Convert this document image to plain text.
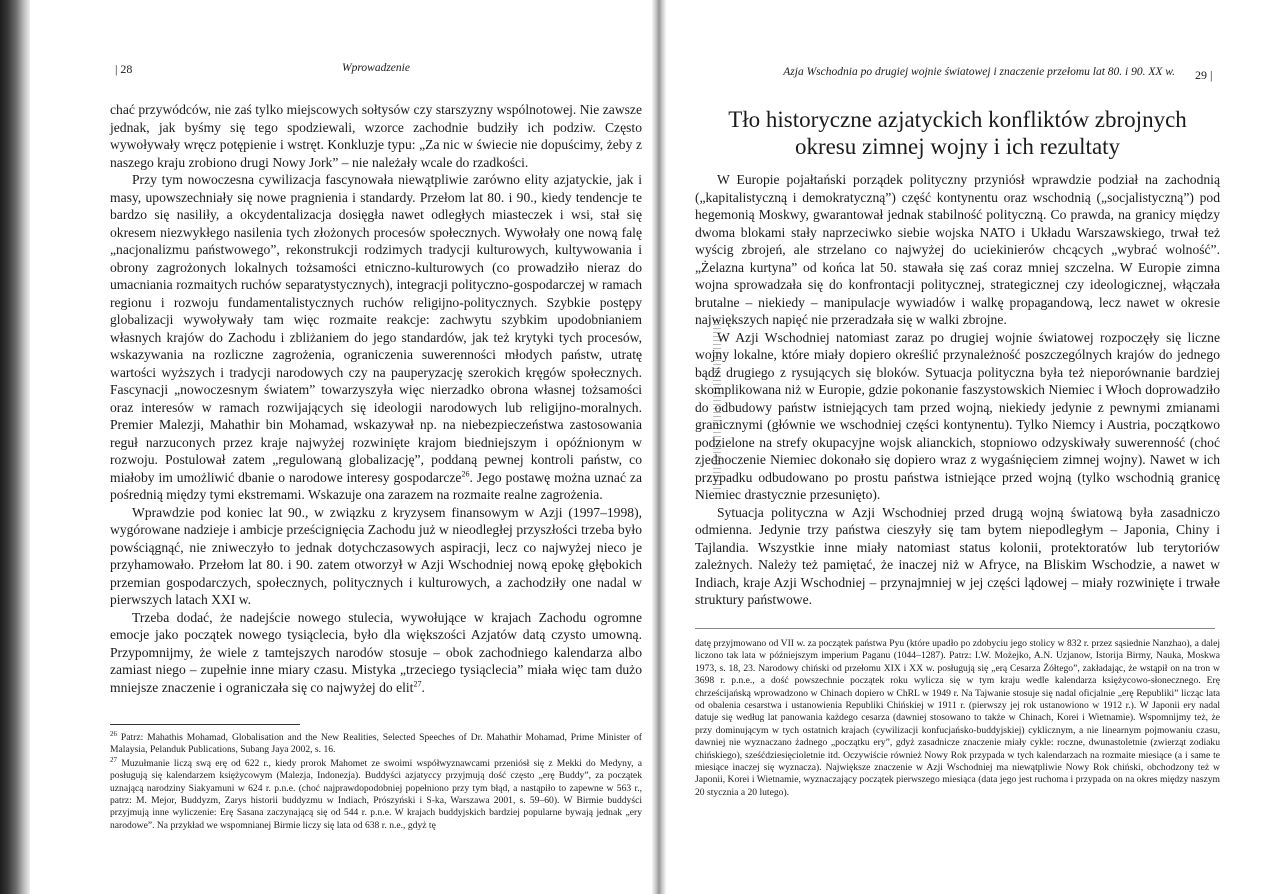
| 28	Wprowadzenie

chać przywódców, nie zaś tylko miejscowych sołtysów czy starszyzny wspólnotowej. Nie zawsze jednak, jak byśmy się tego spodziewali, wzorce zachodnie budziły ich podziw. Często wywoływały wręcz potępienie i wstręt. Konkluzje typu: „Za nic w świecie nie dopuścimy, żeby z naszego kraju zrobiono drugi Nowy Jork” – nie należały wcale do rzadkości.

Przy tym nowoczesna cywilizacja fascynowała niewątpliwie zarówno elity azjatyckie, jak i masy, upowszechniały się nowe pragnienia i standardy. Przełom lat 80. i 90., kiedy tendencje te bardzo się nasiliły, a okcydentalizacja dosięgła nawet odległych miasteczek i wsi, stał się okresem niezwykłego nasilenia tych złożonych procesów społecznych. Wywołały one nową falę „nacjonalizmu państwowego”, rekonstrukcji rodzimych tradycji kulturowych, kultywowania i obrony zagrożonych lokalnych tożsamości etniczno-kulturowych (co prowadziło nieraz do umacniania rozmaitych ruchów separatystycznych), integracji polityczno-gospodarczej w ramach regionu i rozwoju fundamentalistycznych ruchów religijno-politycznych. Szybkie postępy globalizacji wywoływały tam więc rozmaite reakcje: zachwytu szybkim upodobnianiem własnych krajów do Zachodu i zbliżaniem do jego standardów, jak też krytyki tych procesów, wskazywania na rozliczne zagrożenia, ograniczenia suwerenności młodych państw, utratę wartości wyższych i tradycji narodowych czy na pauperyzację szerokich kręgów społecznych. Fascynacji „nowoczesnym światem” towarzyszyła więc nierzadko obrona własnej tożsamości oraz interesów w ramach rozwijających się ideologii narodowych lub religijno-moralnych. Premier Malezji, Mahathir bin Mohamad, wskazywał np. na niebezpieczeństwa zastosowania reguł narzuconych przez kraje najwyżej rozwinięte krajom biedniejszym i opóźnionym w rozwoju. Postulował zatem „regulowaną globalizację”, poddaną pewnej kontroli państw, co miałoby im umożliwić dbanie o narodowe interesy gospodarcze$^{26}$. Jego postawę można uznać za pośrednią między tymi ekstremami. Wskazuje ona zarazem na rozmaite realne zagrożenia.

Wprawdzie pod koniec lat 90., w związku z kryzysem finansowym w Azji (1997–1998), wygórowane nadzieje i ambicje prześcignięcia Zachodu już w nieodległej przyszłości trzeba było powściągnąć, nie zniweczyło to jednak dotychczasowych aspiracji, lecz co najwyżej nieco je przyhamowało. Przełom lat 80. i 90. zatem otworzył w Azji Wschodniej nową epokę głębokich przemian gospodarczych, społecznych, politycznych i kulturowych, a zachodziły one nadal w pierwszych latach XXI w.

Trzeba dodać, że nadejście nowego stulecia, wywołujące w krajach Zachodu ogromne emocje jako początek nowego tysiąclecia, było dla większości Azjatów datą czysto umowną. Przypomnijmy, że wiele z tamtejszych narodów stosuje – obok zachodniego kalendarza albo zamiast niego – zupełnie inne miary czasu. Mistyka „trzeciego tysiąclecia” miała więc tam dużo mniejsze znaczenie i ograniczała się co najwyżej do elit$^{27}$.

$^{26}$ Patrz: Mahathis Mohamad, Globalisation and the New Realities, Selected Speeches of Dr. Mahathir Mohamad, Prime Minister of Malaysia, Pelanduk Publications, Subang Jaya 2002, s. 16.

$^{27}$ Muzułmanie liczą swą erę od 622 r., kiedy prorok Mahomet ze swoimi współwyznawcami przeniósł się z Mekki do Medyny, a posługują się kalendarzem księżycowym (Malezja, Indonezja). Buddyści azjatyccy przyjmują dość często „erę Buddy”, za początek uznającą narodziny Siakyamuni w 624 r. p.n.e. (choć najprawdopodobniej popełniono przy tym błąd, a nastąpiło to zapewne w 563 r., patrz: M. Mejor, Buddyzm, Zarys historii buddyzmu w Indiach, Prószyński i S-ka, Warszawa 2001, s. 59–60). W Birmie buddyści przyjmują inne wyliczenie: Erę Sasana zaczynającą się od 544 r. p.n.e. W krajach buddyjskich bardziej popularne bywają jednak „ery narodowe”. Na przykład we wspomnianej Birmie liczy się lata od 638 r. n.e., gdyż tę

Azja Wschodnia po drugiej wojnie światowej i znaczenie przełomu lat 80. i 90. XX w. 29 |
Tło historyczne azjatyckich konfliktów zbrojnych okresu zimnej wojny i ich rezultaty

W Europie pojałtański porządek polityczny przyniósł wprawdzie podział na zachodnią („kapitalistyczną i demokratyczną”) część kontynentu oraz wschodnią („socjalistyczną”) pod hegemonią Moskwy, gwarantował jednak stabilność polityczną. Co prawda, na granicy między dwoma blokami stały naprzeciwko siebie wojska NATO i Układu Warszawskiego, trwał też wyścig zbrojeń, ale strzelano co najwyżej do uciekinierów chcących „wybrać wolność”. „Żelazna kurtyna” od końca lat 50. stawała się zaś coraz mniej szczelna. W Europie zimna wojna sprowadzała się do konfrontacji politycznej, strategicznej czy ideologicznej, włączała brutalne – niekiedy – manipulacje wywiadów i walkę propagandową, lecz nawet w okresie największych napięć nie przeradzała się w walki zbrojne.

W Azji Wschodniej natomiast zaraz po drugiej wojnie światowej rozpoczęły się liczne wojny lokalne, które miały dopiero określić przynależność poszczególnych krajów do jednego bądź drugiego z rysujących się bloków. Sytuacja polityczna była też nieporównanie bardziej skomplikowana niż w Europie, gdzie pokonanie faszystowskich Niemiec i Włoch doprowadziło do odbudowy państw istniejących tam przed wojną, niekiedy jedynie z pewnymi zmianami granicznymi (głównie we wschodniej części kontynentu). Tylko Niemcy i Austria, początkowo podzielone na strefy okupacyjne wojsk alianckich, stopniowo odzyskiwały suwerenność (choć zjednoczenie Niemiec dokonało się dopiero wraz z wygaśnięciem zimnej wojny). Nawet w ich przypadku odbudowano po prostu państwa istniejące przed wojną (tylko wschodnią granicę Niemiec drastycznie przesunięto).

Sytuacja polityczna w Azji Wschodniej przed drugą wojną światową była zasadniczo odmienna. Jedynie trzy państwa cieszyły się tam bytem niepodległym – Japonia, Chiny i Tajlandia. Wszystkie inne miały natomiast status kolonii, protektoratów lub terytoriów zależnych. Należy też pamiętać, że inaczej niż w Afryce, na Bliskim Wschodzie, a nawet w Indiach, kraje Azji Wschodniej – przynajmniej w jej części lądowej – miały rozwinięte i trwałe struktury państwowe.

datę przyjmowano od VII w. za początek państwa Pyu (które upadło po zdobyciu jego stolicy w 832 r. przez sąsiednie Nanzhao), a dalej liczono tak lata w późniejszym imperium Paganu (1044–1287). Patrz: I.W. Możejko, A.N. Uzjanow, Istorija Birmy, Nauka, Moskwa 1973, s. 18, 23. Narodowy chiński od przełomu XIX i XX w. posługują się „erą Cesarza Żółtego”, zakładając, że wstąpił on na tron w 3698 r. p.n.e., a dość powszechnie początek roku wylicza się w tym kraju wedle kalendarza księżycowo-słonecznego. Erę chrześcijańską wprowadzono w Chinach dopiero w ChRL w 1949 r. Na Tajwanie stosuje się nadal oficjalnie „erę Republiki” licząc lata od obalenia cesarstwa i ustanowienia Republiki Chińskiej w 1911 r. (pierwszy jej rok ustanowiono w 1912 r.). W Japonii ery nadal datuje się według lat panowania każdego cesarza (dawniej stosowano to także w Chinach, Korei i Wietnamie). Wspomnijmy też, że przy dominującym w tych ostatnich krajach (cywilizacji konfucjańsko-buddyjskiej) cyklicznym, a nie linearnym pojmowaniu czasu, dawniej nie wyznaczano żadnego „początku ery”, gdyż zasadnicze znaczenie miały cykle: roczne, dwunastoletnie (zwierząt zodiaku chińskiego), sześćdziesięcioletnie itd. Oczywiście również Nowy Rok przypada w tych kalendarzach na rozmaite miesiące (a i same te miesiące inaczej się wyznacza). Największe znaczenie w Azji Wschodniej ma niewątpliwie Nowy Rok chiński, obchodzony też w Japonii, Korei i Wietnamie, wyznaczający początek pierwszego miesiąca (data jego jest ruchoma i przypada on na okres między naszym 20 stycznia a 20 lutego).
